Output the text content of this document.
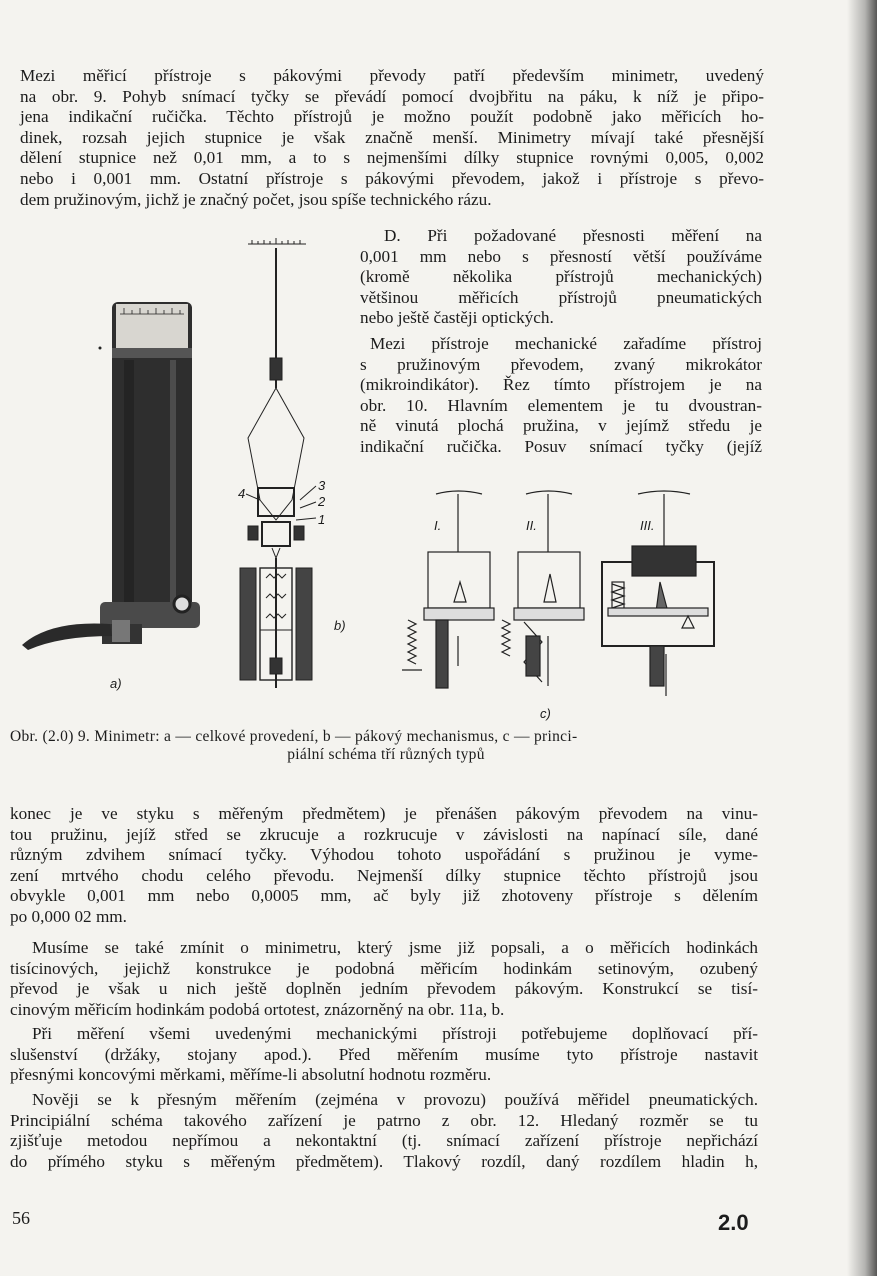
Mezi měřicí přístroje s pákovými převody patří především minimetr, uvedený
na obr. 9. Pohyb snímací tyčky se převádí pomocí dvojbřitu na páku, k níž je připo-
jena indikační ručička. Těchto přístrojů je možno použít podobně jako měřicích ho-
dinek, rozsah jejich stupnice je však značně menší. Minimetry mívají také přesnější
dělení stupnice než 0,01 mm, a to s nejmenšími dílky stupnice rovnými 0,005, 0,002
nebo i 0,001 mm. Ostatní přístroje s pákovými převodem, jakož i přístroje s převo-
dem pružinovým, jichž je značný počet, jsou spíše technického rázu.
D. Při požadované přesnosti měření na
0,001 mm nebo s přesností větší používáme
(kromě několika přístrojů mechanických)
většinou měřicích přístrojů pneumatických
nebo ještě častěji optických.
Mezi přístroje mechanické zařadíme přístroj
s pružinovým převodem, zvaný mikrokátor
(mikroindikátor). Řez tímto přístrojem je na
obr. 10. Hlavním elementem je tu dvoustran-
ně vinutá plochá pružina, v jejímž středu je
indikační ručička. Posuv snímací tyčky (jejíž
3
2
1
4
b)
a)
I.	II.	III.
c)
Obr. (2.0) 9. Minimetr: a — celkové provedení, b — pákový mechanismus, c — princi-
piální schéma tří různých typů
konec je ve styku s měřeným předmětem) je přenášen pákovým převodem na vinu-
tou pružinu, jejíž střed se zkrucuje a rozkrucuje v závislosti na napínací síle, dané
různým zdvihem snímací tyčky. Výhodou tohoto uspořádání s pružinou je vyme-
zení mrtvého chodu celého převodu. Nejmenší dílky stupnice těchto přístrojů jsou
obvykle 0,001 mm nebo 0,0005 mm, ač byly již zhotoveny přístroje s dělením
po 0,000 02 mm.
Musíme se také zmínit o minimetru, který jsme již popsali, a o měřicích hodinkách
tisícinových, jejichž konstrukce je podobná měřicím hodinkám setinovým, ozubený
převod je však u nich ještě doplněn jedním převodem pákovým. Konstrukcí se tisí-
cinovým měřicím hodinkám podobá ortotest, znázorněný na obr. 11a, b.
Při měření všemi uvedenými mechanickými přístroji potřebujeme doplňovací pří-
slušenství (držáky, stojany apod.). Před měřením musíme tyto přístroje nastavit
přesnými koncovými měrkami, měříme-li absolutní hodnotu rozměru.
Nověji se k přesným měřením (zejména v provozu) používá měřidel pneumatických.
Principiální schéma takového zařízení je patrno z obr. 12. Hledaný rozměr se tu
zjišťuje metodou nepřímou a nekontaktní (tj. snímací zařízení přístroje nepřichází
do přímého styku s měřeným předmětem). Tlakový rozdíl, daný rozdílem hladin h,
56	2.0
